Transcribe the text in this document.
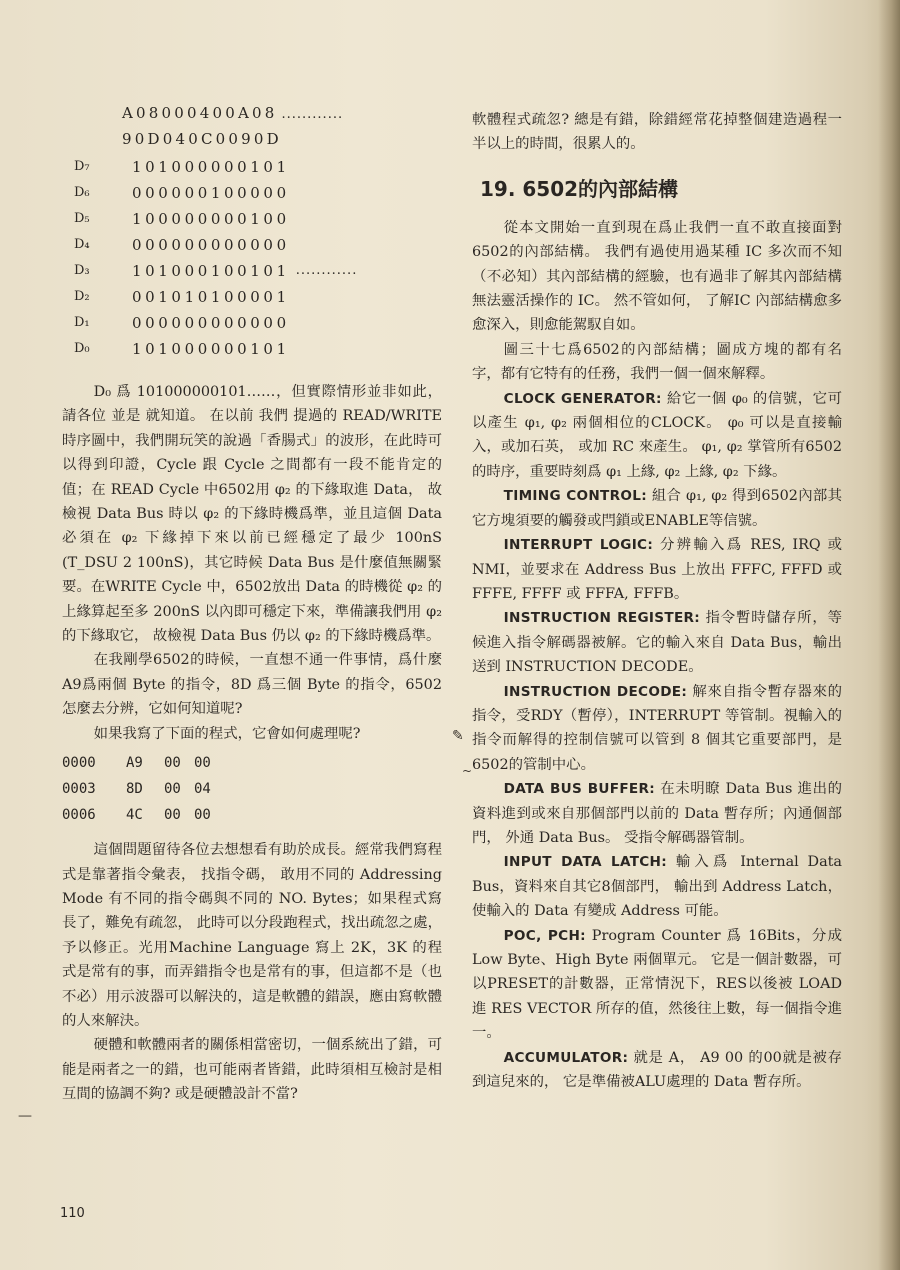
A08000400A08 ............
90D040C0090D
D₇	101000000101
D₆	000000100000
D₅	100000000100
D₄	000000000000
D₃	101000100101 ............
D₂	001010100001
D₁	000000000000
D₀	101000000101

D₀ 爲 101000000101……，但實際情形並非如此，請各位 並是 就知道。 在以前 我們 提過的 READ/WRITE 時序圖中，我們開玩笑的說過「香腸式」的波形，在此時可以得到印證，Cycle 跟 Cycle 之間都有一段不能肯定的值；在 READ Cycle 中6502用 φ₂ 的下緣取進 Data， 故檢視 Data Bus 時以 φ₂ 的下緣時機爲準，並且這個 Data 必須在 φ₂ 下緣掉下來以前已經穩定了最少 100nS (T_DSU 2 100nS)，其它時候 Data Bus 是什麼值無關緊要。在WRITE Cycle 中，6502放出 Data 的時機從 φ₂ 的上緣算起至多 200nS 以內即可穩定下來，準備讓我們用 φ₂ 的下緣取它， 故檢視 Data Bus 仍以 φ₂ 的下緣時機爲準。

在我剛學6502的時候，一直想不通一件事情，爲什麼A9爲兩個 Byte 的指令，8D 爲三個 Byte 的指令，6502怎麼去分辨，它如何知道呢?

如果我寫了下面的程式，它會如何處理呢?

0000	A9	00 00
0003	8D	00 04
0006	4C	00 00

這個問題留待各位去想想看有助於成長。經常我們寫程式是靠著指令彙表， 找指令碼， 敢用不同的 Addressing Mode 有不同的指令碼與不同的 NO. Bytes；如果程式寫長了，難免有疏忽， 此時可以分段跑程式，找出疏忽之處，予以修正。光用Machine Language 寫上 2K，3K 的程式是常有的事，而弄錯指令也是常有的事，但這都不是（也不必）用示波器可以解決的，這是軟體的錯誤，應由寫軟體的人來解決。

硬體和軟體兩者的關係相當密切，一個系統出了錯，可能是兩者之一的錯，也可能兩者皆錯，此時須相互檢討是相互間的協調不夠? 或是硬體設計不當?

軟體程式疏忽? 總是有錯，除錯經常花掉整個建造過程一半以上的時間，很累人的。

19. 6502的內部結構

從本文開始一直到現在爲止我們一直不敢直接面對6502的內部結構。 我們有過使用過某種 IC 多次而不知（不必知）其內部結構的經驗，也有過非了解其內部結構無法靈活操作的 IC。 然不管如何， 了解IC 內部結構愈多愈深入，則愈能駕馭自如。

圖三十七爲6502的內部結構；圖成方塊的都有名字，都有它特有的任務，我們一個一個來解釋。

CLOCK GENERATOR: 給它一個 φ₀ 的信號，它可以產生 φ₁, φ₂ 兩個相位的CLOCK。 φ₀ 可以是直接輸入，或加石英， 或加 RC 來產生。 φ₁, φ₂ 掌管所有6502的時序，重要時刻爲 φ₁ 上緣, φ₂ 上緣, φ₂ 下緣。

TIMING CONTROL: 組合 φ₁, φ₂ 得到6502內部其它方塊須要的觸發或閂鎖或ENABLE等信號。

INTERRUPT LOGIC: 分辨輸入爲 RES, IRQ 或 NMI，並要求在 Address Bus 上放出 FFFC, FFFD 或 FFFE, FFFF 或 FFFA, FFFB。

INSTRUCTION REGISTER: 指令暫時儲存所，等候進入指令解碼器被解。它的輸入來自 Data Bus，輸出送到 INSTRUCTION DECODE。

INSTRUCTION DECODE: 解來自指令暫存器來的指令，受RDY（暫停），INTERRUPT 等管制。視輸入的指令而解得的控制信號可以管到 8 個其它重要部門，是6502的管制中心。

DATA BUS BUFFER: 在未明瞭 Data Bus 進出的資料進到或來自那個部門以前的 Data 暫存所；內通個部門， 外通 Data Bus。 受指令解碼器管制。

INPUT DATA LATCH: 輸入爲 Internal Data Bus，資料來自其它8個部門， 輸出到 Address Latch，使輸入的 Data 有變成 Address 可能。

POC, PCH: Program Counter 爲 16Bits，分成 Low Byte、High Byte 兩個單元。 它是一個計數器，可以PRESET的計數器，正常情況下，RES以後被 LOAD 進 RES VECTOR 所存的值，然後往上數，每一個指令進一。

ACCUMULATOR: 就是 A， A9 00 的00就是被存到這兒來的， 它是準備被ALU處理的 Data 暫存所。

✎
~
—
110
